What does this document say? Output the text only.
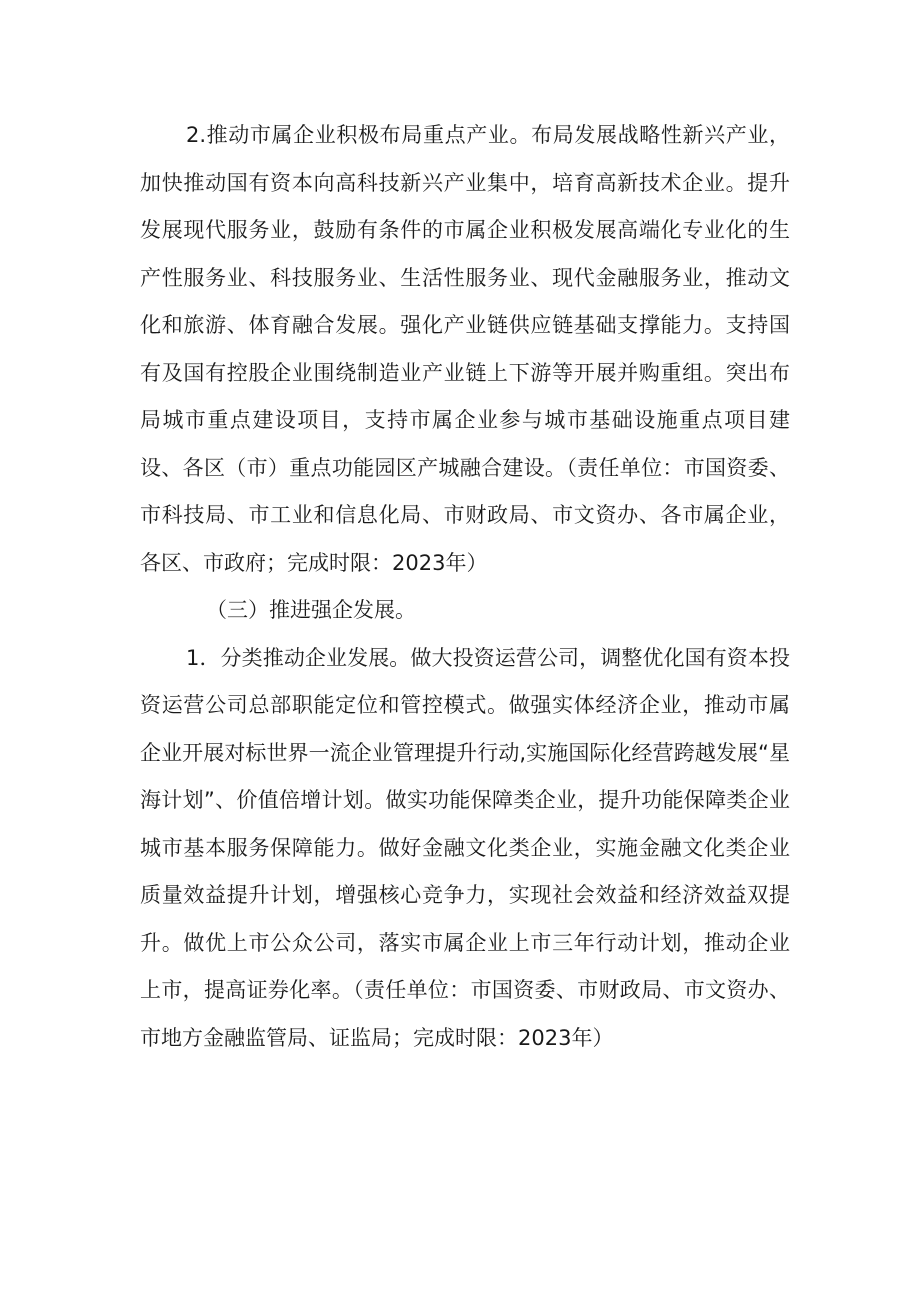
2.推动市属企业积极布局重点产业。布局发展战略性新兴产业，加快推动国有资本向高科技新兴产业集中，培育高新技术企业。提升发展现代服务业，鼓励有条件的市属企业积极发展高端化专业化的生产性服务业、科技服务业、生活性服务业、现代金融服务业，推动文化和旅游、体育融合发展。强化产业链供应链基础支撑能力。支持国有及国有控股企业围绕制造业产业链上下游等开展并购重组。突出布局城市重点建设项目，支持市属企业参与城市基础设施重点项目建设、各区（市）重点功能园区产城融合建设。（责任单位：市国资委、市科技局、市工业和信息化局、市财政局、市文资办、各市属企业，各区、市政府；完成时限：2023年）

（三）推进强企发展。

1．分类推动企业发展。做大投资运营公司，调整优化国有资本投资运营公司总部职能定位和管控模式。做强实体经济企业，推动市属企业开展对标世界一流企业管理提升行动,实施国际化经营跨越发展“星海计划”、价值倍增计划。做实功能保障类企业，提升功能保障类企业城市基本服务保障能力。做好金融文化类企业，实施金融文化类企业质量效益提升计划，增强核心竞争力，实现社会效益和经济效益双提升。做优上市公众公司，落实市属企业上市三年行动计划，推动企业上市，提高证券化率。（责任单位：市国资委、市财政局、市文资办、市地方金融监管局、证监局；完成时限：2023年）
